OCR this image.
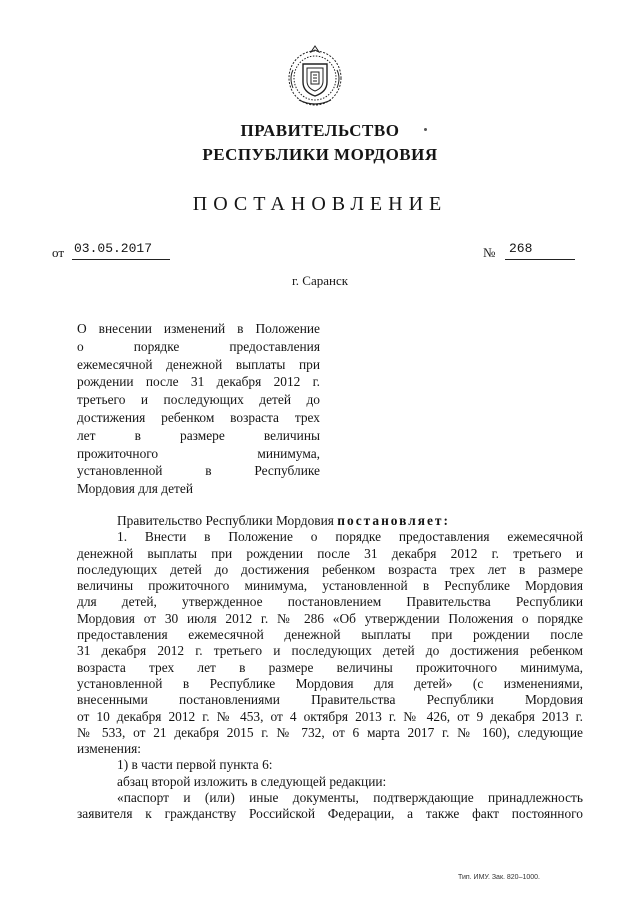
ПРАВИТЕЛЬСТВО
РЕСПУБЛИКИ МОРДОВИЯ
ПОСТАНОВЛЕНИЕ
от 03.05.2017	№	268
г. Саранск
О внесении изменений в Положение
о порядке предоставления
ежемесячной денежной выплаты при
рождении после 31 декабря 2012 г.
третьего и последующих детей до
достижения ребенком возраста трех
лет в размере величины
прожиточного минимума,
установленной в Республике
Мордовия для детей
Правительство Республики Мордовия постановляет:
1. Внести в Положение о порядке предоставления ежемесячной
денежной выплаты при рождении после 31 декабря 2012 г. третьего и
последующих детей до достижения ребенком возраста трех лет в размере
величины прожиточного минимума, установленной в Республике Мордовия
для детей, утвержденное постановлением Правительства Республики
Мордовия от 30 июля 2012 г. № 286 «Об утверждении Положения о порядке
предоставления ежемесячной денежной выплаты при рождении после
31 декабря 2012 г. третьего и последующих детей до достижения ребенком
возраста трех лет в размере величины прожиточного минимума,
установленной в Республике Мордовия для детей» (с изменениями,
внесенными постановлениями Правительства Республики Мордовия
от 10 декабря 2012 г. № 453, от 4 октября 2013 г. № 426, от 9 декабря 2013 г.
№ 533, от 21 декабря 2015 г. № 732, от 6 марта 2017 г. № 160), следующие
изменения:
1) в части первой пункта 6:
абзац второй изложить в следующей редакции:
«паспорт и (или) иные документы, подтверждающие принадлежность
заявителя к гражданству Российской Федерации, а также факт постоянного
Тип. ИМУ. Зак. 820–1000.
